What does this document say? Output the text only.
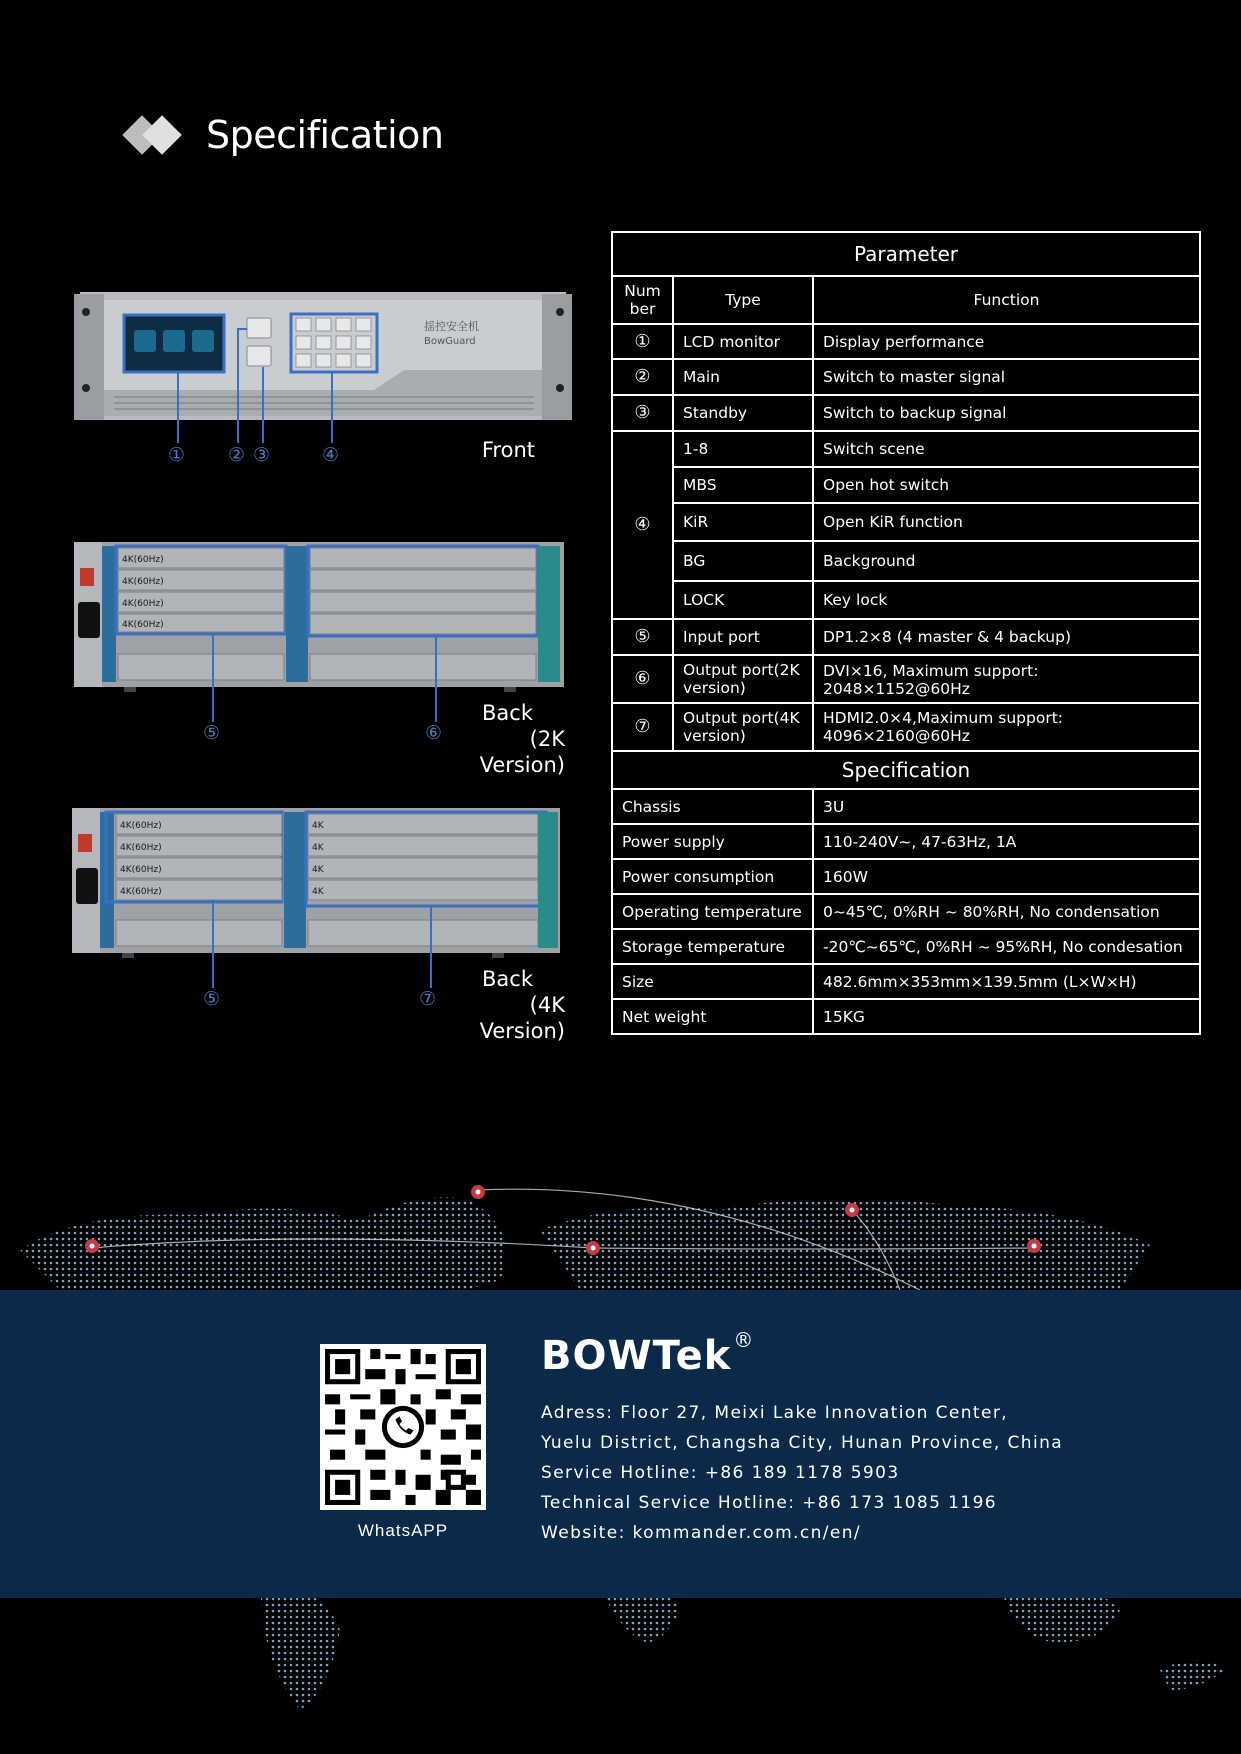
Specification
揺控安全机
BowGuard
① ② ③	④	Front
4K(60Hz)
4K(60Hz)
4K(60Hz)
4K(60Hz)
⑤	⑥
Back
(2K Version)
4K(60Hz)
4K(60Hz)
4K(60Hz)
4K(60Hz)
4K
4K
4K
4K
⑤	⑦
Back
(4K Version)
Parameter		
Num ber	Type	Function
①	LCD monitor	Display performance
②	Main	Switch to master signal
③	Standby	Switch to backup signal
④	1-8	Switch scene
	MBS	Open hot switch
	KiR	Open KiR function
	BG	Background
	LOCK	Key lock
⑤	Input port	DP1.2×8 (4 master & 4 backup)
⑥	Output port(2K version)	DVI×16, Maximum support: 2048×1152@60Hz
⑦	Output port(4K version)	HDMI2.0×4,Maximum support: 4096×2160@60Hz
Specification		
Chassis		3U
Power supply		110-240V~, 47-63Hz, 1A
Power consumption		160W
Operating temperature		0~45℃, 0%RH ~ 80%RH, No condensation
Storage temperature		-20℃~65℃, 0%RH ~ 95%RH, No condesation
Size		482.6mm×353mm×139.5mm (L×W×H)
Net weight		15KG
WhatsAPP
BOWTek ®
Adress: Floor 27, Meixi Lake Innovation Center,
Yuelu District, Changsha City, Hunan Province, China
Service Hotline: +86 189 1178 5903
Technical Service Hotline: +86 173 1085 1196
Website: kommander.com.cn/en/
